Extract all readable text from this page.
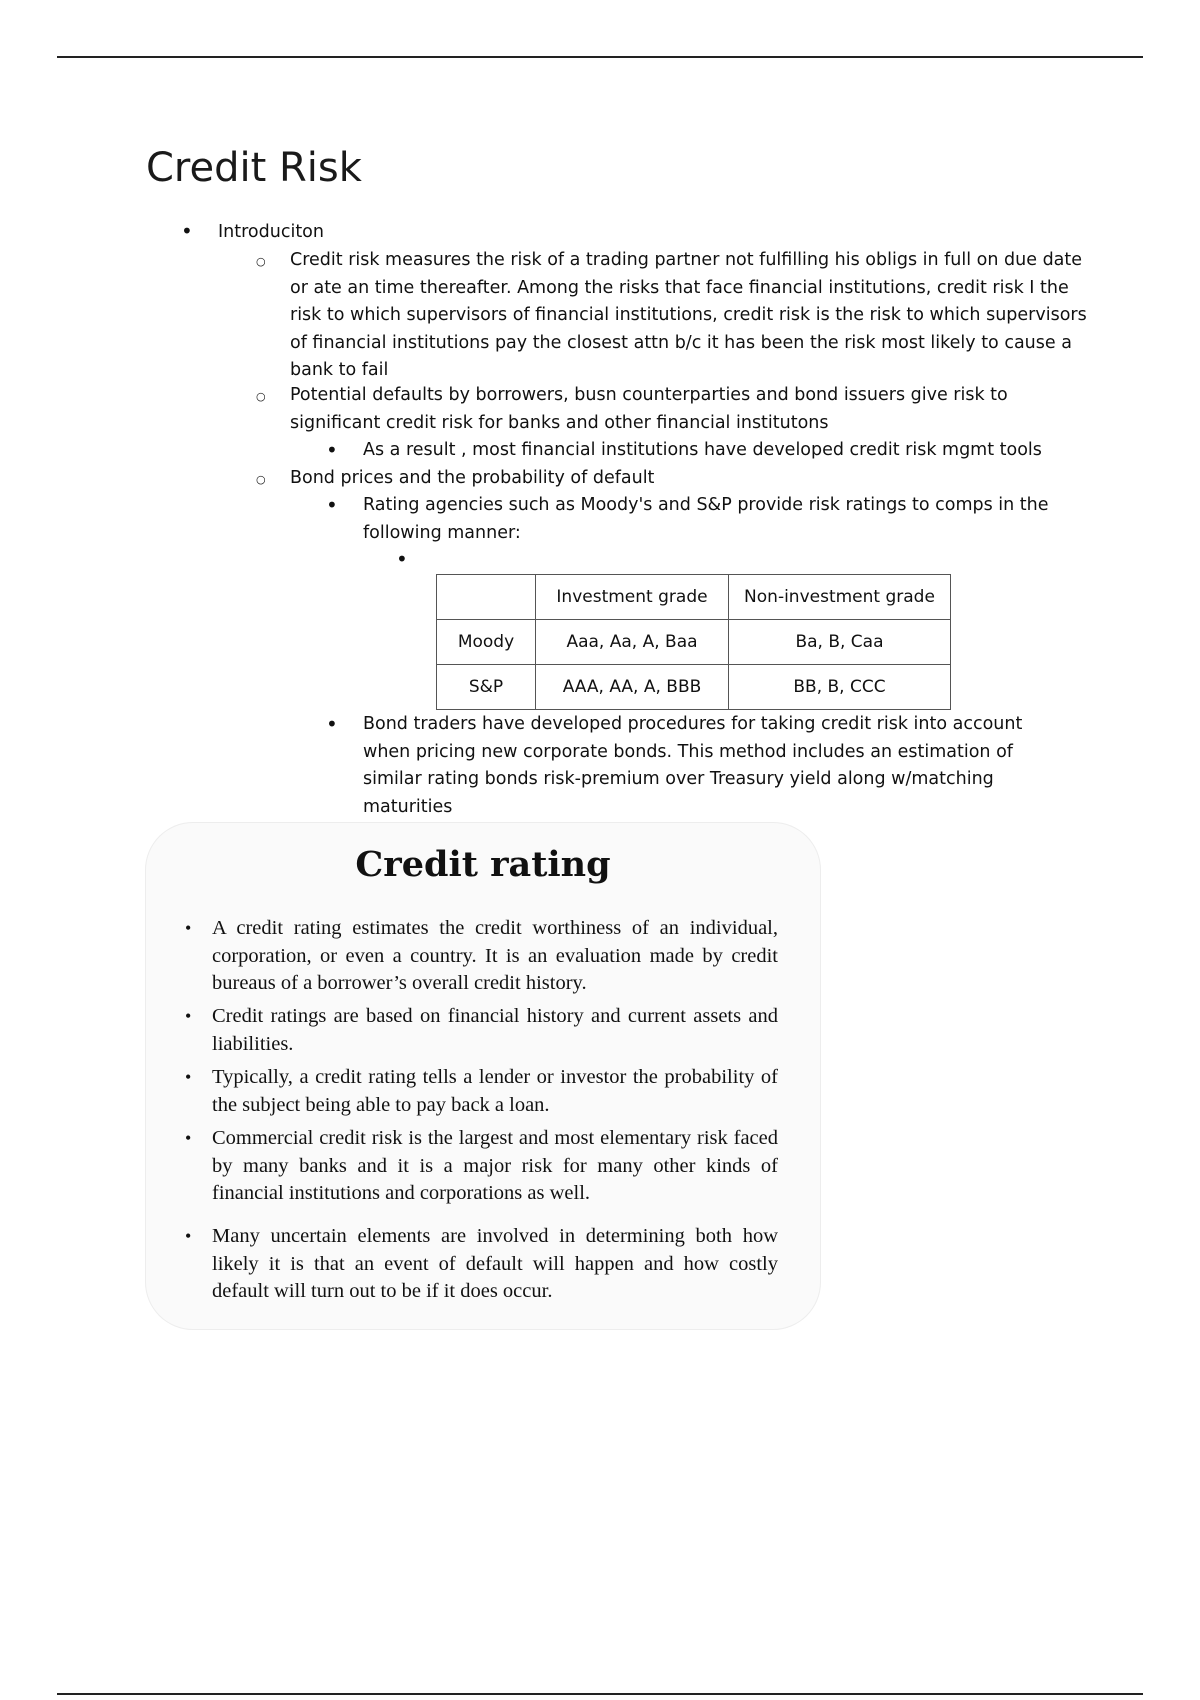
Credit Risk
•
Introduciton
○
Credit risk measures the risk of a trading partner not fulfilling his obligs in full on due date or ate an time thereafter. Among the risks that face financial institutions, credit risk I the risk to which supervisors of financial institutions, credit risk is the risk to which supervisors of financial institutions pay the closest attn b/c it has been the risk most likely to cause a bank to fail
○
Potential defaults by borrowers, busn counterparties and bond issuers give risk to significant credit risk for banks and other financial institutons
•
As a result , most financial institutions have developed credit risk mgmt tools
○
Bond prices and the probability of default
•
Rating agencies such as Moody's and S&P provide risk ratings to comps in the following manner:
•
	Investment grade	Non-investment grade
Moody	Aaa, Aa, A, Baa	Ba, B, Caa
S&P	AAA, AA, A, BBB	BB, B, CCC
•
Bond traders have developed procedures for taking credit risk into account when pricing new corporate bonds. This method includes an estimation of similar rating bonds risk-premium over Treasury yield along w/matching maturities
Credit rating
• A credit rating estimates the credit worthiness of an individual, corporation, or even a country. It is an evaluation made by credit bureaus of a borrower’s overall credit history.
• Credit ratings are based on financial history and current assets and liabilities.
• Typically, a credit rating tells a lender or investor the probability of the subject being able to pay back a loan.
• Commercial credit risk is the largest and most elementary risk faced by many banks and it is a major risk for many other kinds of financial institutions and corporations as well.
• Many uncertain elements are involved in determining both how likely it is that an event of default will happen and how costly default will turn out to be if it does occur.
